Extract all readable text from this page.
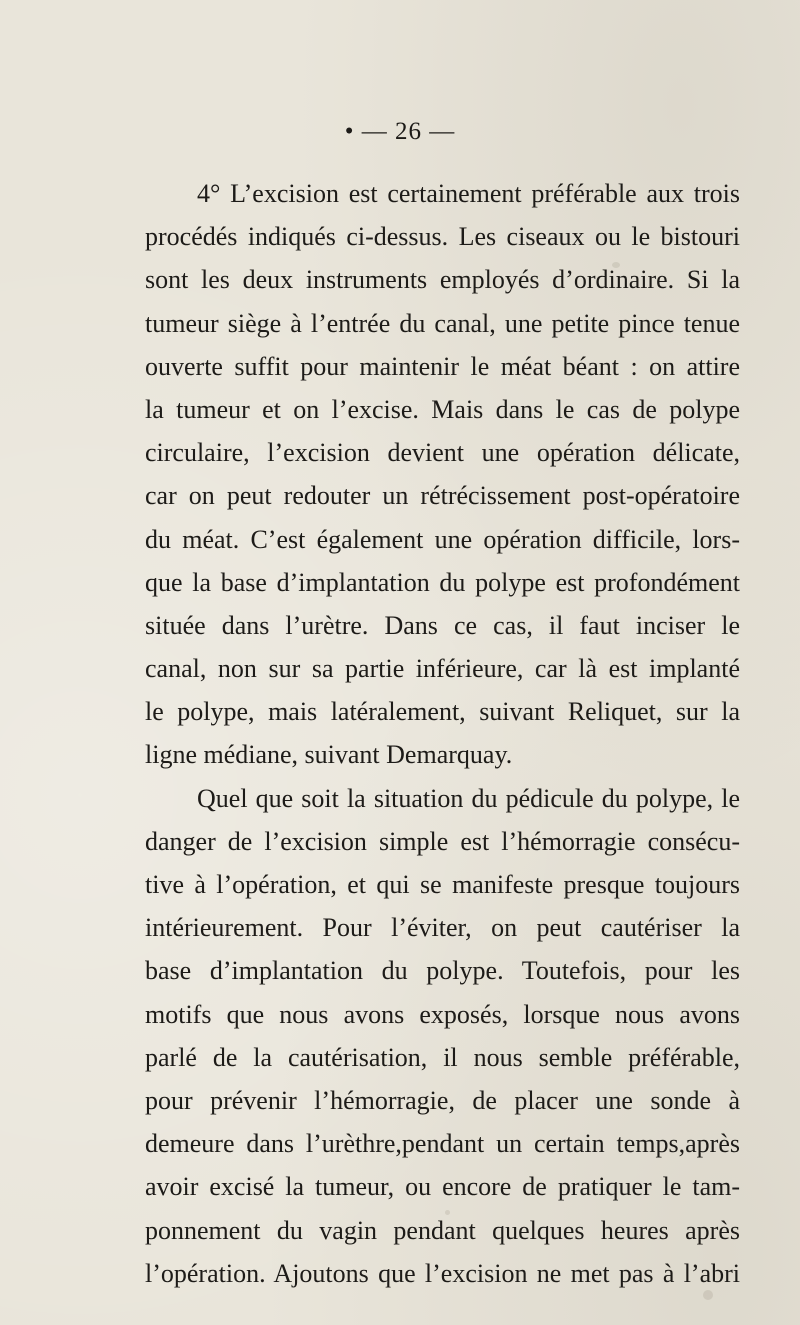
• — 26 —
4° L’excision est certainement préférable aux trois
procédés indiqués ci-dessus. Les ciseaux ou le bistouri
sont les deux instruments employés d’ordinaire. Si la
tumeur siège à l’entrée du canal, une petite pince tenue
ouverte suffit pour maintenir le méat béant : on attire
la tumeur et on l’excise. Mais dans le cas de polype
circulaire, l’excision devient une opération délicate,
car on peut redouter un rétrécissement post-opératoire
du méat. C’est également une opération difficile, lors-
que la base d’implantation du polype est profondément
située dans l’urètre. Dans ce cas, il faut inciser le
canal, non sur sa partie inférieure, car là est implanté
le polype, mais latéralement, suivant Reliquet, sur la
ligne médiane, suivant Demarquay.
Quel que soit la situation du pédicule du polype, le
danger de l’excision simple est l’hémorragie consécu-
tive à l’opération, et qui se manifeste presque toujours
intérieurement. Pour l’éviter, on peut cautériser la
base d’implantation du polype. Toutefois, pour les
motifs que nous avons exposés, lorsque nous avons
parlé de la cautérisation, il nous semble préférable,
pour prévenir l’hémorragie, de placer une sonde à
demeure dans l’urèthre,pendant un certain temps,après
avoir excisé la tumeur, ou encore de pratiquer le tam-
ponnement du vagin pendant quelques heures après
l’opération. Ajoutons que l’excision ne met pas à l’abri
